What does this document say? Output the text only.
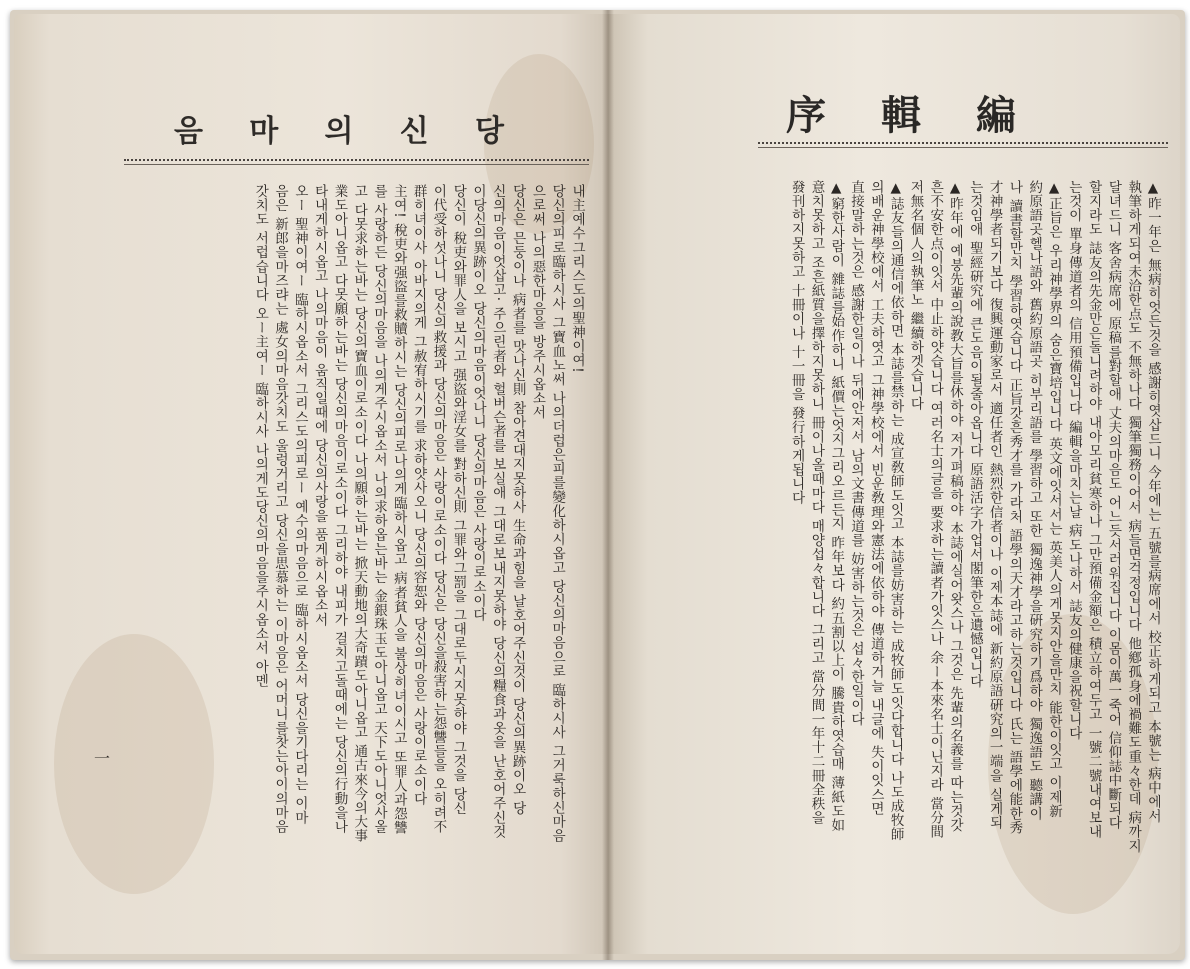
음 마 의 신 당

내主예수그리스도의聖神이여!

당신의피로臨하시사 그寶血노써 나의더럽은피를變化하시옵고 당신의마음으로 臨하시사 그거룩하신마음

으로써 나의惡한마음을 방주시옵소서

당신은 믄둥이나 病者를 맛나신則 참아견대지못하사 生命과힘을 날호어주신것이 당신의異跡이오 당

신의마음이엇삽고· 주으린者와 헐버슨者를 보실애 그대로보내지못하야 당신의糧食과옷을 난호어주신것

이당신의異跡이오 당신의마음이엇나니 당신의마음은 사랑이로소이다

당신이 稅吏와罪人을 보시고 强盜와淫女를 對하신則 그罪와그罰을 그대로두시지못하야 그것을 당신

이代受하섯나니 당신의救援과 당신의마음은 사랑이로소이다 당신은 당신을殺害하는怨讐들을 오히려不

群히녀이사 아바지의게 그赦宥하시기를 求하얏사오니 당신의容恕와 당신의마음은 사랑이로소이다

主여! 稅吏와强盜를救贖하시는 당신의피로나의게臨하시옵고 病者貧人을 불상히녀이시고 또罪人과怨讐

를 사랑하든 당신의마음을 나의게주시옵소서 나의求하옵는바는 金銀珠玉도아니옵고 天下도아니엇사올

고 다못求하는바는 당신의寶血이로소이다 나의願하는바는 掀天動地의大奇蹟도아니옵고 通古來今의大事

業도아니옵고 다못願하는바는 당신의마음이로소이다 그리하야 내피가 걸치고돌때에는 당신의行動을나

타내게하시옵고 나의마음이 움직일때에 당신의사랑을 품게하시옵소서

오ー 聖神이여ー 臨하시옵소서 그리스도의피로ー 예수의마음으로 臨하시옵소서 당신을기다리는 이마

음은 新郎을마즈랴는 處女의마음갓치도 울렁거리고 당신을思慕하는 이마음은 어머니를찻는아이의마음

갓치도 서럽습니다 오ー主여ー 臨하시사 나의게도당신의마음을주시옵소서 아멘

一
序 輯 編

▲昨一年은 無病히엇든것을 感謝히엿삽드니 今年에는 五號를病席에서 校正하게되고 本號는 病中에서

執筆하게되여未洽한点도 不無하나다 獨筆獨務이어서 病들면걱정입니다 他鄕孤身에禍難도重々한데 病까지

달녀드니 客舍病席에 原稿를對할애 丈夫의마음도 어느듯서러워집니다 이몸이萬一죽어 信仰誌中斷되다

할지라도 誌友의先金만은돌니려하야 내아모리貧寒하나 그만預備金額은 積立하여두고 一號二號내여보내

는것이 單身傳道者의 信用預備입니다 編輯을마치는날 病도나하서 誌友의健康을祝할니다

▲正旨은 우리神學界의 숨은寶培입니다 英文에잇서서는 英美人의게못지안을만치 能한이잇고 이제新

約原語곳헬나語와 舊約原語곳 히부리語를 學習하고 또한 獨逸神學을硏究하기爲하야 獨逸語도 聽講이

나 讀書할만치 學習하엿습니다 正旨갓흔秀才를 가라처 語學의天才라고하는것입니다 氏는 語學에能한秀

才神學者되기보다 復興運動家로서 適任者인 熱烈한信者이나 이제本誌에 新約原語硏究의一端을 실게되

는것임애 聖經硏究에 큰도음이될줄아옵니다 原語活字가업서閣筆한은遺憾입니다

▲昨年에 예붕先輩의說教大旨를休하야 저가펴稿하야 本誌에실어왓스나 그것은 先輩의名義를 따는것갓

흔不安한点이잇서 中止하얏습니다 여러名士의글을 要求하는讀者가잇스나 余ー本來名士이닌지라 當分間

저無名個人의執筆노 繼續하겟습니다

▲誌友들의通信에依하면 本誌를禁하는 成宣敎師도잇고 本誌를妨害하는 成牧師도잇다합니다 나도成牧師

의배운神學校에서 工夫하엿고 그神學校에서 빈운敎理와憲法에依하야 傳道하거늘 내글에 失이잇스면

直接말하는것은 感謝한일이나 뒤에안저서 남의文書傳道를 妨害하는것은 섭々한일이다

▲窮한사람이 雜誌를始作하니 紙價는엇지그리오르든지 昨年보다 約五割以上이 騰貴하엿습매 薄紙도如

意치못하고 조흔紙質을擇하지못하니 冊이나올때마다 매양섭々합니다 그리고 當分間一年十二冊全秩을

發刊하지못하고 十冊이나 十一冊을 發行하게됩니다
